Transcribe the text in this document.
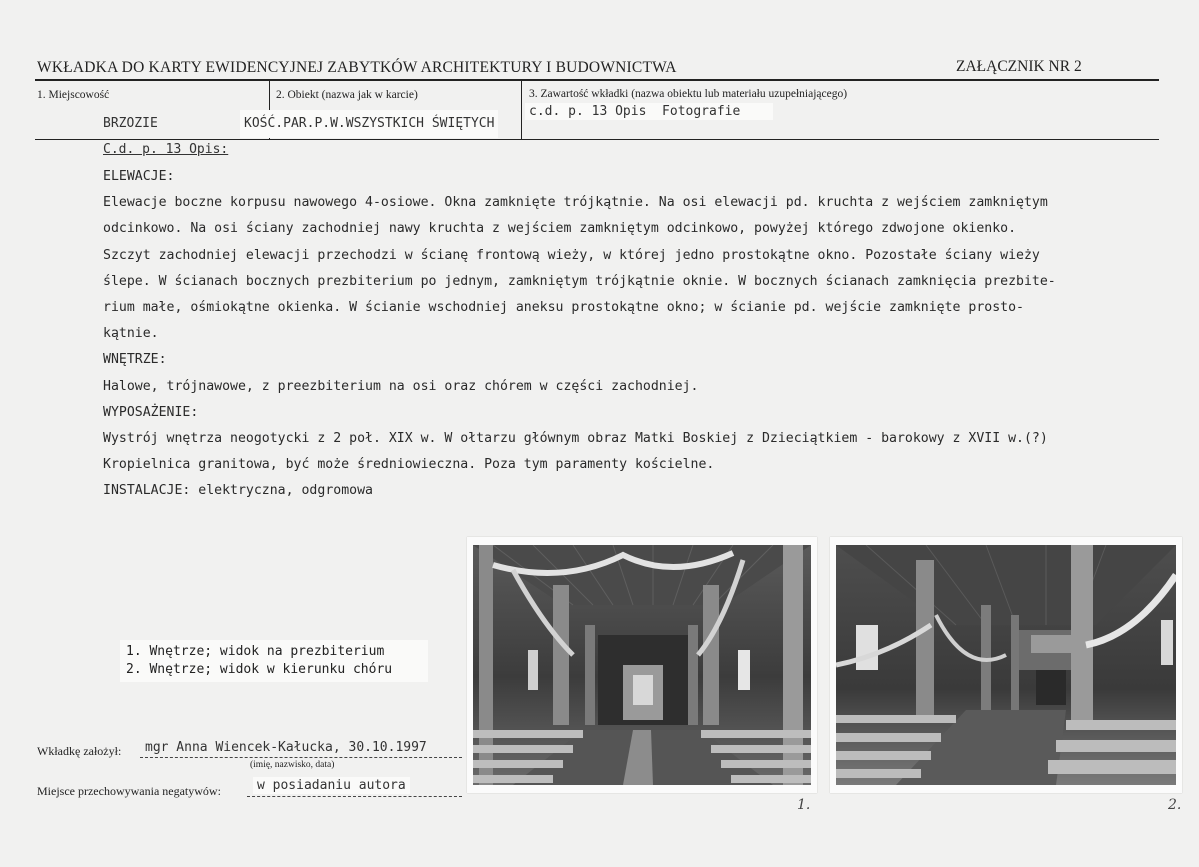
WKŁADKA DO KARTY EWIDENCYJNEJ ZABYTKÓW ARCHITEKTURY I BUDOWNICTWA	ZAŁĄCZNIK NR 2
1. Miejscowość	2. Obiekt (nazwa jak w karcie)	3. Zawartość wkładki (nazwa obiektu lub materiału uzupełniającego)
BRZOZIE	KOŚĆ.PAR.P.W.WSZYSTKICH ŚWIĘTYCH
c.d. p. 13 Opis  Fotografie
C.d. p. 13 Opis:

ELEWACJE:

Elewacje boczne korpusu nawowego 4-osiowe. Okna zamknięte trójkątnie. Na osi elewacji pd. kruchta z wejściem zamkniętym

odcinkowo. Na osi ściany zachodniej nawy kruchta z wejściem zamkniętym odcinkowo, powyżej którego zdwojone okienko.

Szczyt zachodniej elewacji przechodzi w ścianę frontową wieży, w której jedno prostokątne okno. Pozostałe ściany wieży

ślepe. W ścianach bocznych prezbiterium po jednym, zamkniętym trójkątnie oknie. W bocznych ścianach zamknięcia prezbite-

rium małe, ośmiokątne okienka. W ścianie wschodniej aneksu prostokątne okno; w ścianie pd. wejście zamknięte prosto-

kątnie.

WNĘTRZE:

Halowe, trójnawowe, z preezbiterium na osi oraz chórem w części zachodniej.

WYPOSAŻENIE:

Wystrój wnętrza neogotycki z 2 poł. XIX w. W ołtarzu głównym obraz Matki Boskiej z Dzieciątkiem - barokowy z XVII w.(?)

Kropielnica granitowa, być może średniowieczna. Poza tym paramenty kościelne.

INSTALACJE: elektryczna, odgromowa

1.	2.
1. Wnętrze; widok na prezbiterium
2. Wnętrze; widok w kierunku chóru
Wkładkę założył: mgr Anna Wiencek-Kałucka, 30.10.1997
(imię, nazwisko, data)
Miejsce przechowywania negatywów:	w posiadaniu autora
